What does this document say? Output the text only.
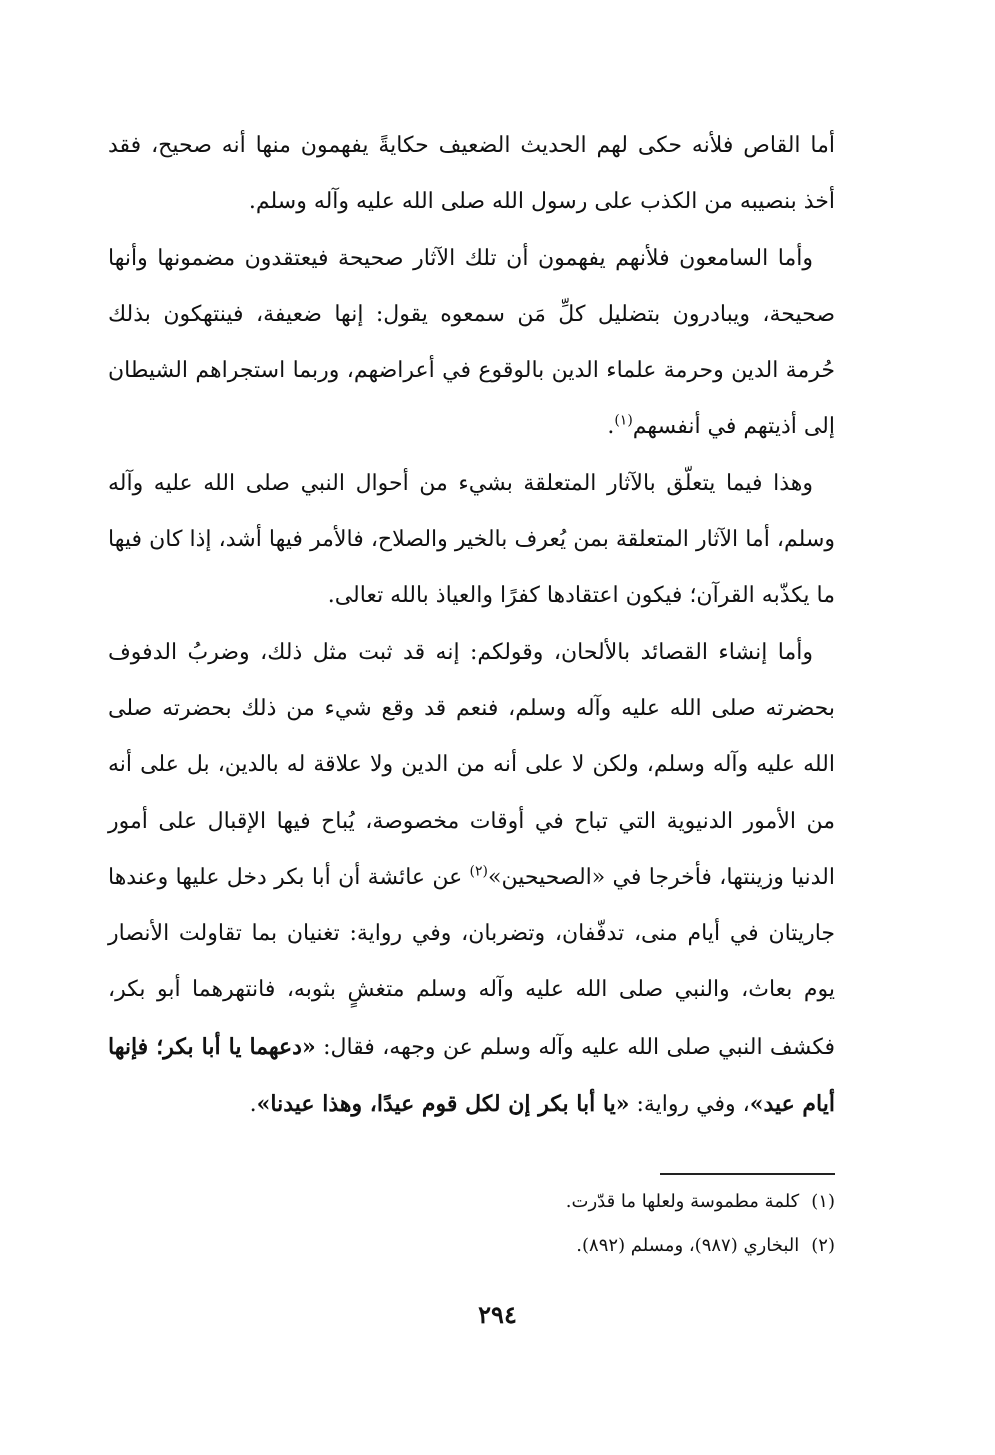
أما القاص فلأنه حكى لهم الحديث الضعيف حكايةً يفهمون منها أنه صحيح، فقد أخذ بنصيبه من الكذب على رسول الله صلى الله عليه وآله وسلم.

وأما السامعون فلأنهم يفهمون أن تلك الآثار صحيحة فيعتقدون مضمونها وأنها صحيحة، ويبادرون بتضليل كلِّ مَن سمعوه يقول: إنها ضعيفة، فينتهكون بذلك حُرمة الدين وحرمة علماء الدين بالوقوع في أعراضهم، وربما استجراهم الشيطان إلى أذيتهم في أنفسهم$^{(١)}$.

وهذا فيما يتعلّق بالآثار المتعلقة بشيء من أحوال النبي صلى الله عليه وآله وسلم، أما الآثار المتعلقة بمن يُعرف بالخير والصلاح، فالأمر فيها أشد، إذا كان فيها ما يكذّبه القرآن؛ فيكون اعتقادها كفرًا والعياذ بالله تعالى.

وأما إنشاء القصائد بالألحان، وقولكم: إنه قد ثبت مثل ذلك، وضربُ الدفوف بحضرته صلى الله عليه وآله وسلم، فنعم قد وقع شيء من ذلك بحضرته صلى الله عليه وآله وسلم، ولكن لا على أنه من الدين ولا علاقة له بالدين، بل على أنه من الأمور الدنيوية التي تباح في أوقات مخصوصة، يُباح فيها الإقبال على أمور الدنيا وزينتها، فأخرجا في «الصحيحين»$^{(٢)}$ عن عائشة أن أبا بكر دخل عليها وعندها جاريتان في أيام منى، تدفّفان، وتضربان، وفي رواية: تغنيان بما تقاولت الأنصار يوم بعاث، والنبي صلى الله عليه وآله وسلم متغشٍ بثوبه، فانتهرهما أبو بكر، فكشف النبي صلى الله عليه وآله وسلم عن وجهه، فقال: «دعهما يا أبا بكر؛ فإنها أيام عيد»، وفي رواية: «يا أبا بكر إن لكل قوم عيدًا، وهذا عيدنا».

(١)كلمة مطموسة ولعلها ما قدّرت.

(٢)البخاري (٩٨٧)، ومسلم (٨٩٢).

٢٩٤
